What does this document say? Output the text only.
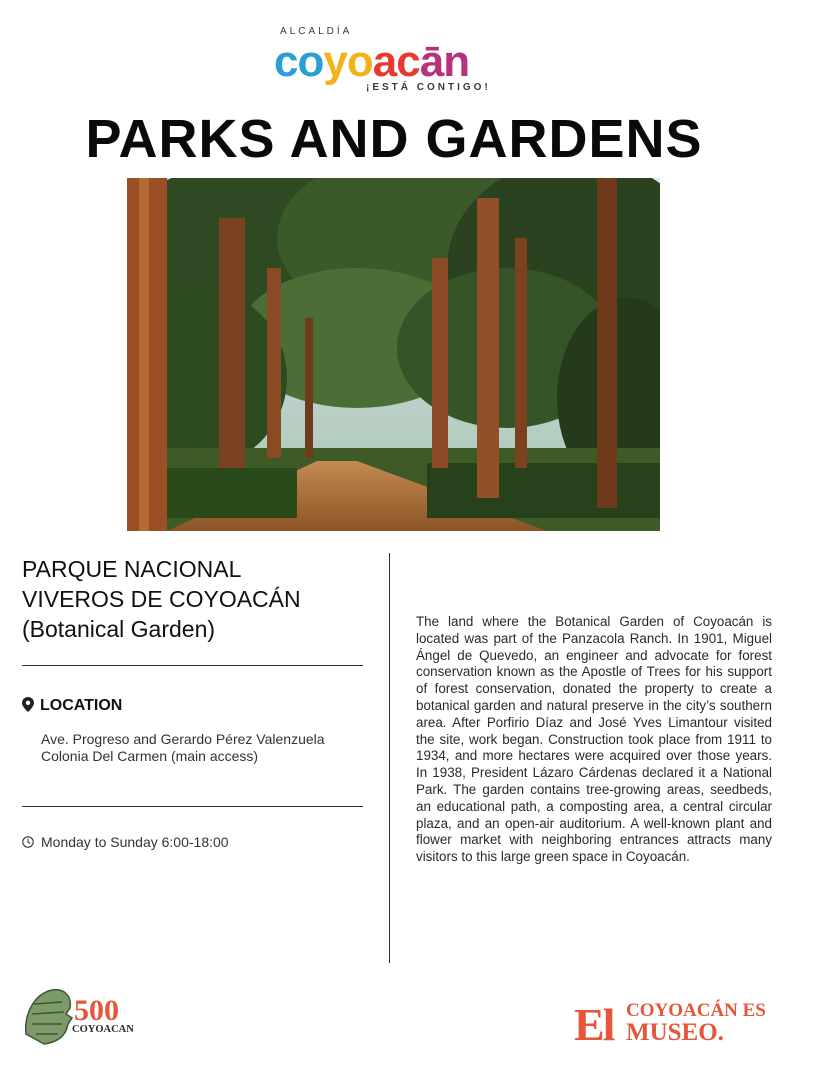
ALCALDÍA
coyoacān
¡ESTÁ CONTIGO!
PARKS AND GARDENS
PARQUE NACIONAL
VIVEROS DE COYOACÁN
(Botanical Garden)
LOCATION
Ave. Progreso and Gerardo Pérez Valenzuela
Colonia Del Carmen (main access)
Monday to Sunday 6:00-18:00
The land where the Botanical Garden of Coyoacán is located was part of the Panzacola Ranch. In 1901, Miguel Ángel de Quevedo, an engineer and advocate for forest conservation known as the Apostle of Trees for his support of forest conservation, donated the property to create a botanical garden and natural preserve in the city’s southern area. After Porfirio Díaz and José Yves Limantour visited the site, work began. Construction took place from 1911 to 1934, and more hectares were acquired over those years. In 1938, President Lázaro Cárdenas declared it a National Park. The garden contains tree-growing areas, seedbeds, an educational path, a composting area, a central circular plaza, and an open-air auditorium. A well-known plant and flower market with neighboring entrances attracts many visitors to this large green space in Coyoacán.
500
COYOACAN	El COYOACÁN ES
MUSEO.
